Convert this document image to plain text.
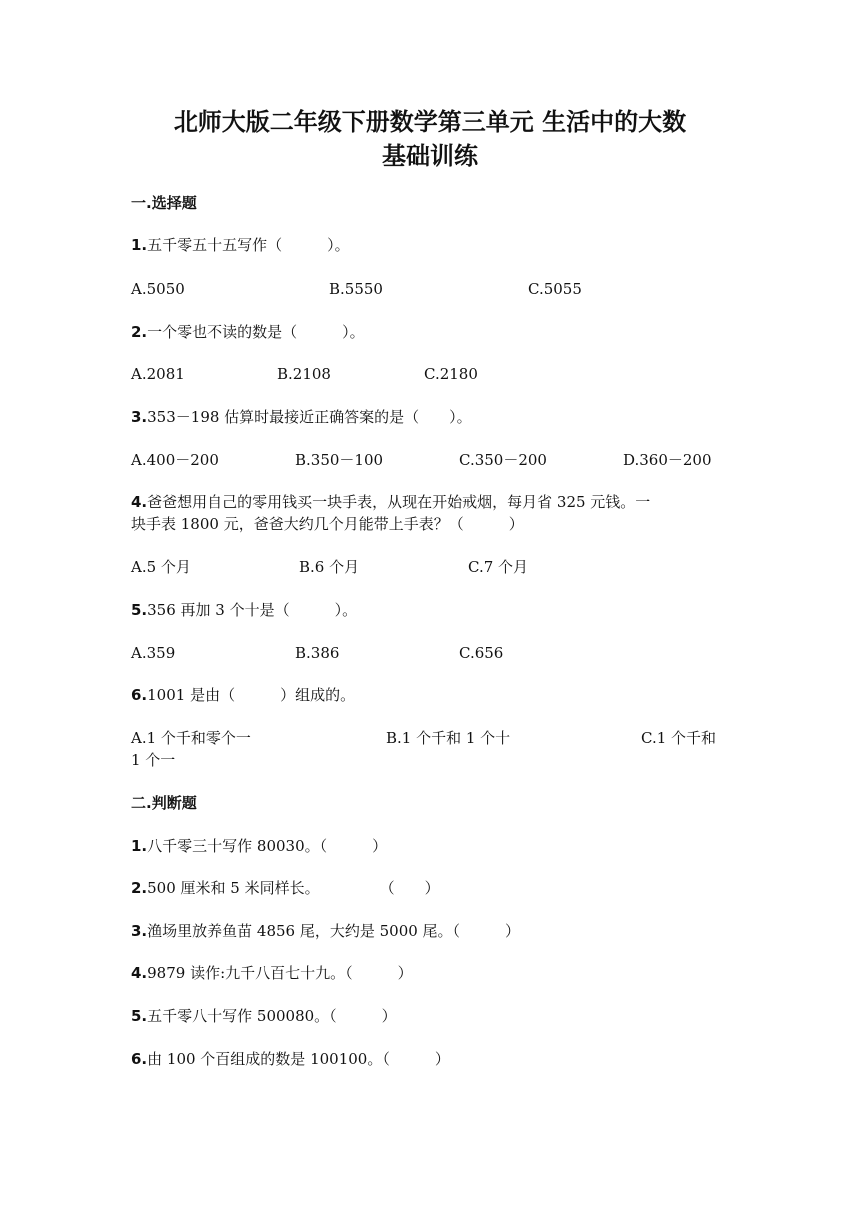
北师大版二年级下册数学第三单元 生活中的大数
基础训练
一.选择题
1.五千零五十五写作（　　　）。
A.5050	B.5550	C.5055
2.一个零也不读的数是（　　　）。
A.2081	B.2108	C.2180
3.353－198 估算时最接近正确答案的是（　　）。
A.400－200	B.350－100	C.350－200	D.360－200
4.爸爸想用自己的零用钱买一块手表，从现在开始戒烟，每月省 325 元钱。一
块手表 1800 元，爸爸大约几个月能带上手表？（　　　）
A.5 个月	B.6 个月	C.7 个月
5.356 再加 3 个十是（　　　）。
A.359	B.386	C.656
6.1001 是由（　　　）组成的。
A.1 个千和零个一	B.1 个千和 1 个十	C.1 个千和
1 个一
二.判断题
1.八千零三十写作 80030。（　　　）
2.500 厘米和 5 米同样长。　　　　　（　　）
3.渔场里放养鱼苗 4856 尾，大约是 5000 尾。（　　　）
4.9879 读作:九千八百七十九。（　　　）
5.五千零八十写作 500080。（　　　）
6.由 100 个百组成的数是 100100。（　　　）
